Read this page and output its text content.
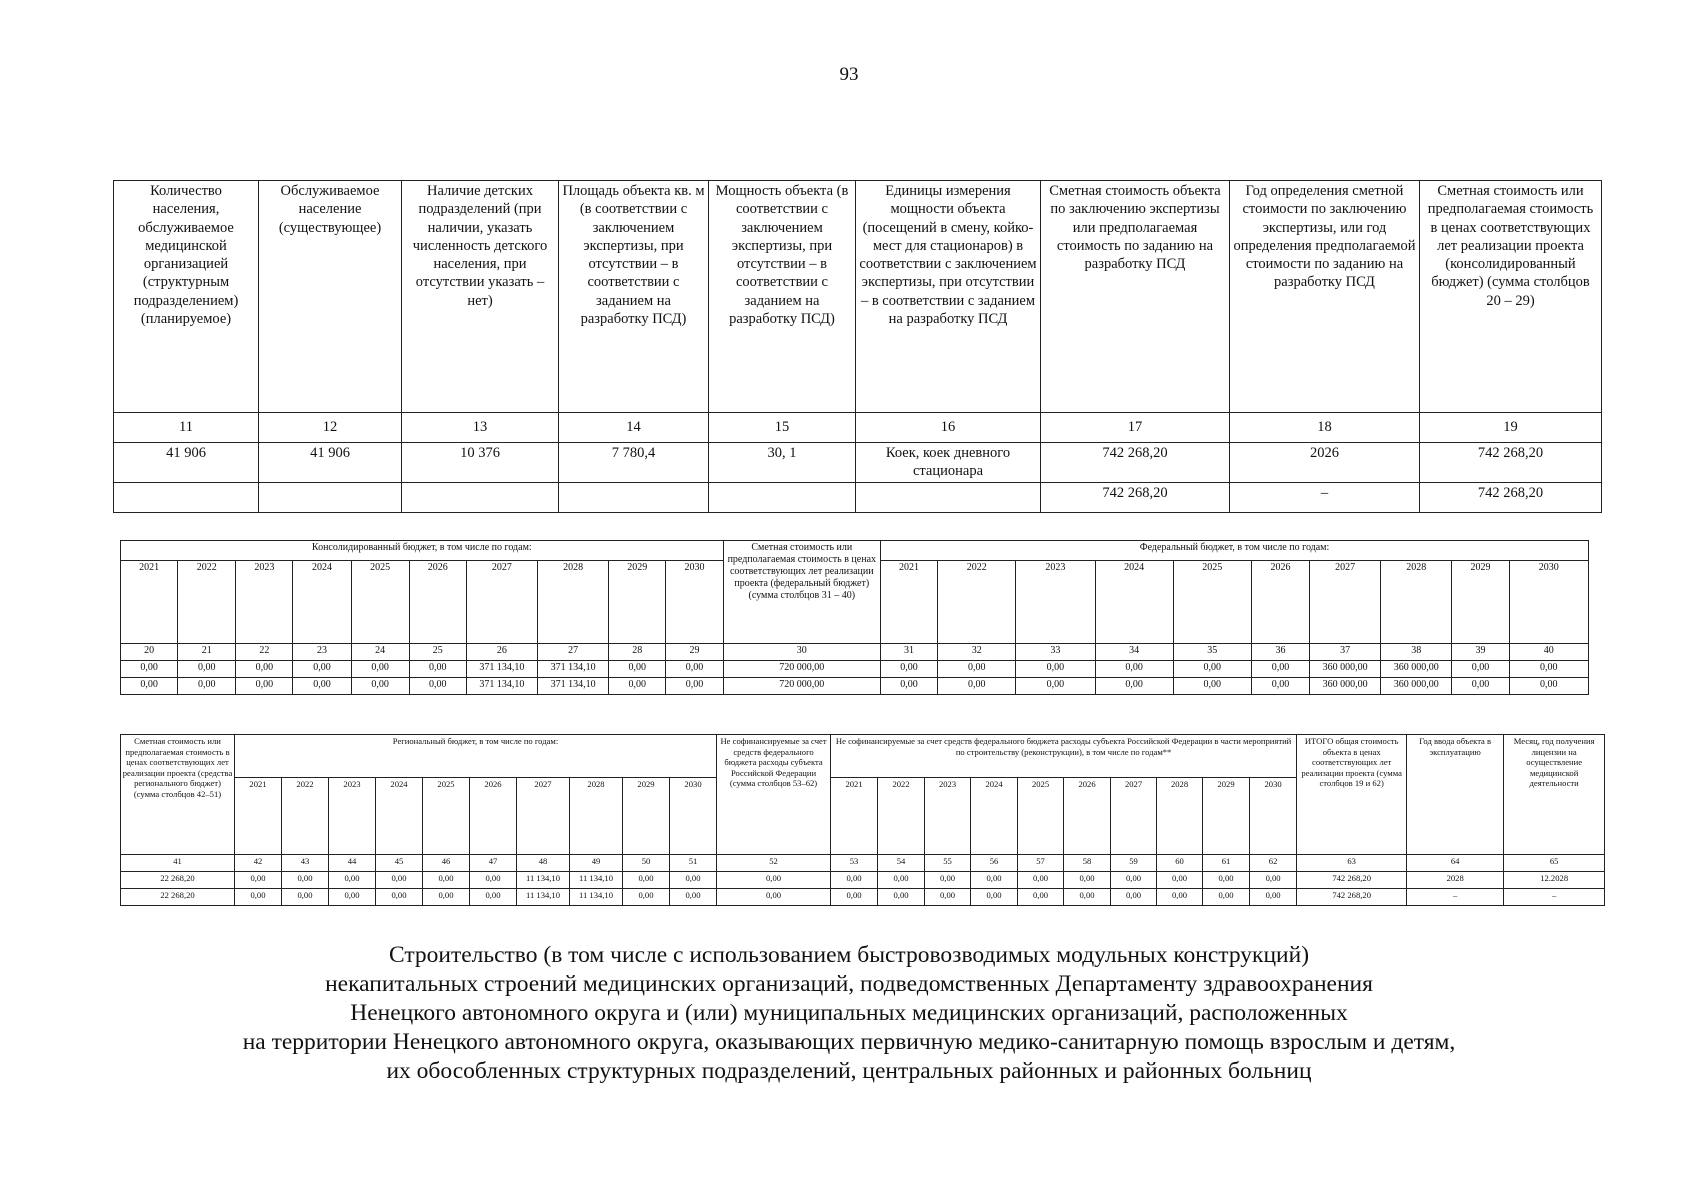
93
Количество населения, обслуживаемое медицинской организацией (структурным подразделением) (планируемое)	Обслуживаемое население (существующее)	Наличие детских подразделений (при наличии, указать численность детского населения, при отсутствии указать – нет)	Площадь объекта кв. м (в соответствии с заключением экспертизы, при отсутствии – в соответствии с заданием на разработку ПСД)	Мощность объекта (в соответствии с заключением экспертизы, при отсутствии – в соответствии с заданием на разработку ПСД)	Единицы измерения мощности объекта (посещений в смену, койко-мест для стационаров) в соответствии с заключением экспертизы, при отсутствии – в соответствии с заданием на разработку ПСД	Сметная стоимость объекта по заключению экспертизы или предполагаемая стоимость по заданию на разработку ПСД	Год определения сметной стоимости по заключению экспертизы, или год определения предполагаемой стоимости по заданию на разработку ПСД	Сметная стоимость или предполагаемая стоимость в ценах соответствующих лет реализации проекта (консолидированный бюджет) (сумма столбцов 20 – 29)
11	12	13	14	15	16	17	18	19
41 906	41 906	10 376	7 780,4	30, 1	Коек, коек дневного стационара	742 268,20	2026	742 268,20
						742 268,20	–	742 268,20
Консолидированный бюджет, в том числе по годам:										Сметная стоимость или предполагаемая стоимость в ценах соответствующих лет реализации проекта (федеральный бюджет) (сумма столбцов 31 – 40)	Федеральный бюджет, в том числе по годам:									
2021	2022	2023	2024	2025	2026	2027	2028	2029	2030		2021	2022	2023	2024	2025	2026	2027	2028	2029	2030
20	21	22	23	24	25	26	27	28	29	30	31	32	33	34	35	36	37	38	39	40
0,00	0,00	0,00	0,00	0,00	0,00	371 134,10	371 134,10	0,00	0,00	720 000,00	0,00	0,00	0,00	0,00	0,00	0,00	360 000,00	360 000,00	0,00	0,00
0,00	0,00	0,00	0,00	0,00	0,00	371 134,10	371 134,10	0,00	0,00	720 000,00	0,00	0,00	0,00	0,00	0,00	0,00	360 000,00	360 000,00	0,00	0,00
Сметная стоимость или предполагаемая стоимость в ценах соответствующих лет реализации проекта (средства регионального бюджет) (сумма столбцов 42–51)	Региональный бюджет, в том числе по годам:										Не софинансируемые за счет средств федерального бюджета расходы субъекта Российской Федерации (сумма столбцов 53–62)	Не софинансируемые за счет средств федерального бюджета расходы субъекта Российской Федерации в части мероприятий по строительству (реконструкции), в том числе по годам**										ИТОГО общая стоимость объекта в ценах соответствующих лет реализации проекта (сумма столбцов 19 и 62)	Год ввода объекта в эксплуатацию	Месяц, год получения лицензии на осуществление медицинской деятельности
	2021	2022	2023	2024	2025	2026	2027	2028	2029	2030		2021	2022	2023	2024	2025	2026	2027	2028	2029	2030			
41	42	43	44	45	46	47	48	49	50	51	52	53	54	55	56	57	58	59	60	61	62	63	64	65
22 268,20	0,00	0,00	0,00	0,00	0,00	0,00	11 134,10	11 134,10	0,00	0,00	0,00	0,00	0,00	0,00	0,00	0,00	0,00	0,00	0,00	0,00	0,00	742 268,20	2028	12.2028
22 268,20	0,00	0,00	0,00	0,00	0,00	0,00	11 134,10	11 134,10	0,00	0,00	0,00	0,00	0,00	0,00	0,00	0,00	0,00	0,00	0,00	0,00	0,00	742 268,20	–	–
Строительство (в том числе с использованием быстровозводимых модульных конструкций)
некапитальных строений медицинских организаций, подведомственных Департаменту здравоохранения
Ненецкого автономного округа и (или) муниципальных медицинских организаций, расположенных
на территории Ненецкого автономного округа, оказывающих первичную медико-санитарную помощь взрослым и детям,
их обособленных структурных подразделений, центральных районных и районных больниц
